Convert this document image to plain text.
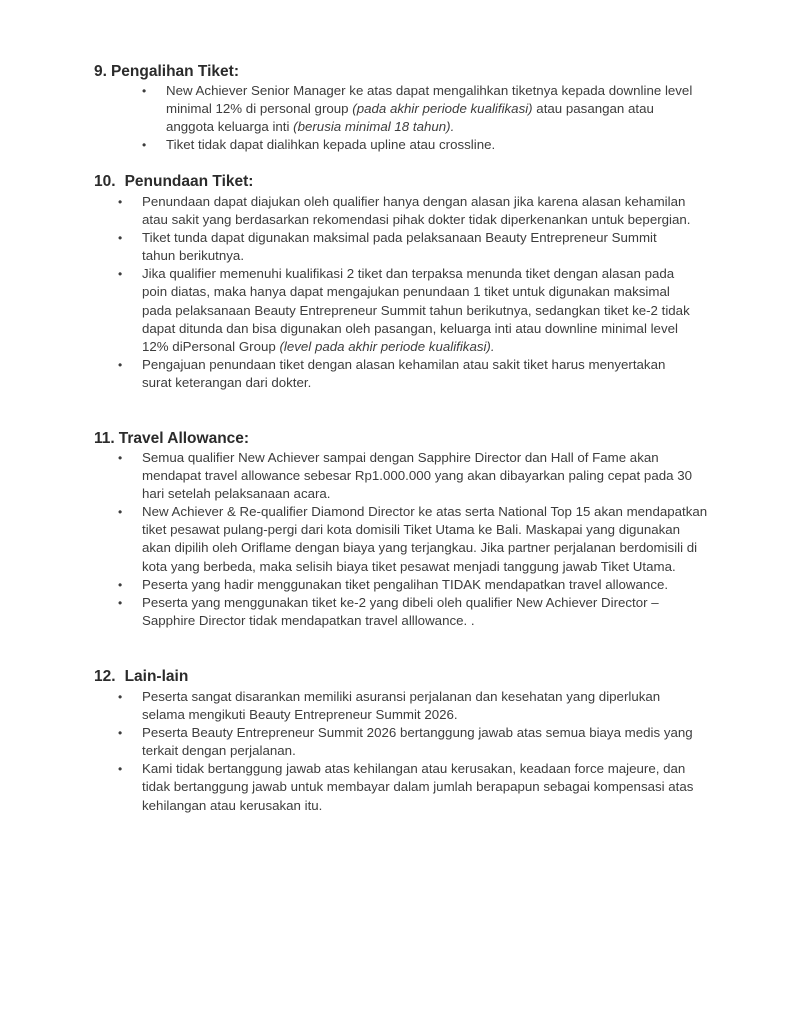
9. Pengalihan Tiket:
• New Achiever Senior Manager ke atas dapat mengalihkan tiketnya kepada downline level minimal 12% di personal group (pada akhir periode kualifikasi) atau pasangan atau anggota keluarga inti (berusia minimal 18 tahun).
• Tiket tidak dapat dialihkan kepada upline atau crossline.
10. Penundaan Tiket:
• Penundaan dapat diajukan oleh qualifier hanya dengan alasan jika karena alasan kehamilan atau sakit yang berdasarkan rekomendasi pihak dokter tidak diperkenankan untuk bepergian.
• Tiket tunda dapat digunakan maksimal pada pelaksanaan Beauty Entrepreneur Summit tahun berikutnya.
• Jika qualifier memenuhi kualifikasi 2 tiket dan terpaksa menunda tiket dengan alasan pada poin diatas, maka hanya dapat mengajukan penundaan 1 tiket untuk digunakan maksimal pada pelaksanaan Beauty Entrepreneur Summit tahun berikutnya, sedangkan tiket ke-2 tidak dapat ditunda dan bisa digunakan oleh pasangan, keluarga inti atau downline minimal level 12% diPersonal Group (level pada akhir periode kualifikasi).
• Pengajuan penundaan tiket dengan alasan kehamilan atau sakit tiket harus menyertakan surat keterangan dari dokter.
11. Travel Allowance:
• Semua qualifier New Achiever sampai dengan Sapphire Director dan Hall of Fame akan mendapat travel allowance sebesar Rp1.000.000 yang akan dibayarkan paling cepat pada 30 hari setelah pelaksanaan acara.
• New Achiever & Re-qualifier Diamond Director ke atas serta National Top 15 akan mendapatkan tiket pesawat pulang-pergi dari kota domisili Tiket Utama ke Bali. Maskapai yang digunakan akan dipilih oleh Oriflame dengan biaya yang terjangkau. Jika partner perjalanan berdomisili di kota yang berbeda, maka selisih biaya tiket pesawat menjadi tanggung jawab Tiket Utama.
• Peserta yang hadir menggunakan tiket pengalihan TIDAK mendapatkan travel allowance.
• Peserta yang menggunakan tiket ke-2 yang dibeli oleh qualifier New Achiever Director – Sapphire Director tidak mendapatkan travel alllowance. .
12. Lain-lain
• Peserta sangat disarankan memiliki asuransi perjalanan dan kesehatan yang diperlukan selama mengikuti Beauty Entrepreneur Summit 2026.
• Peserta Beauty Entrepreneur Summit 2026 bertanggung jawab atas semua biaya medis yang terkait dengan perjalanan.
• Kami tidak bertanggung jawab atas kehilangan atau kerusakan, keadaan force majeure, dan tidak bertanggung jawab untuk membayar dalam jumlah berapapun sebagai kompensasi atas kehilangan atau kerusakan itu.
